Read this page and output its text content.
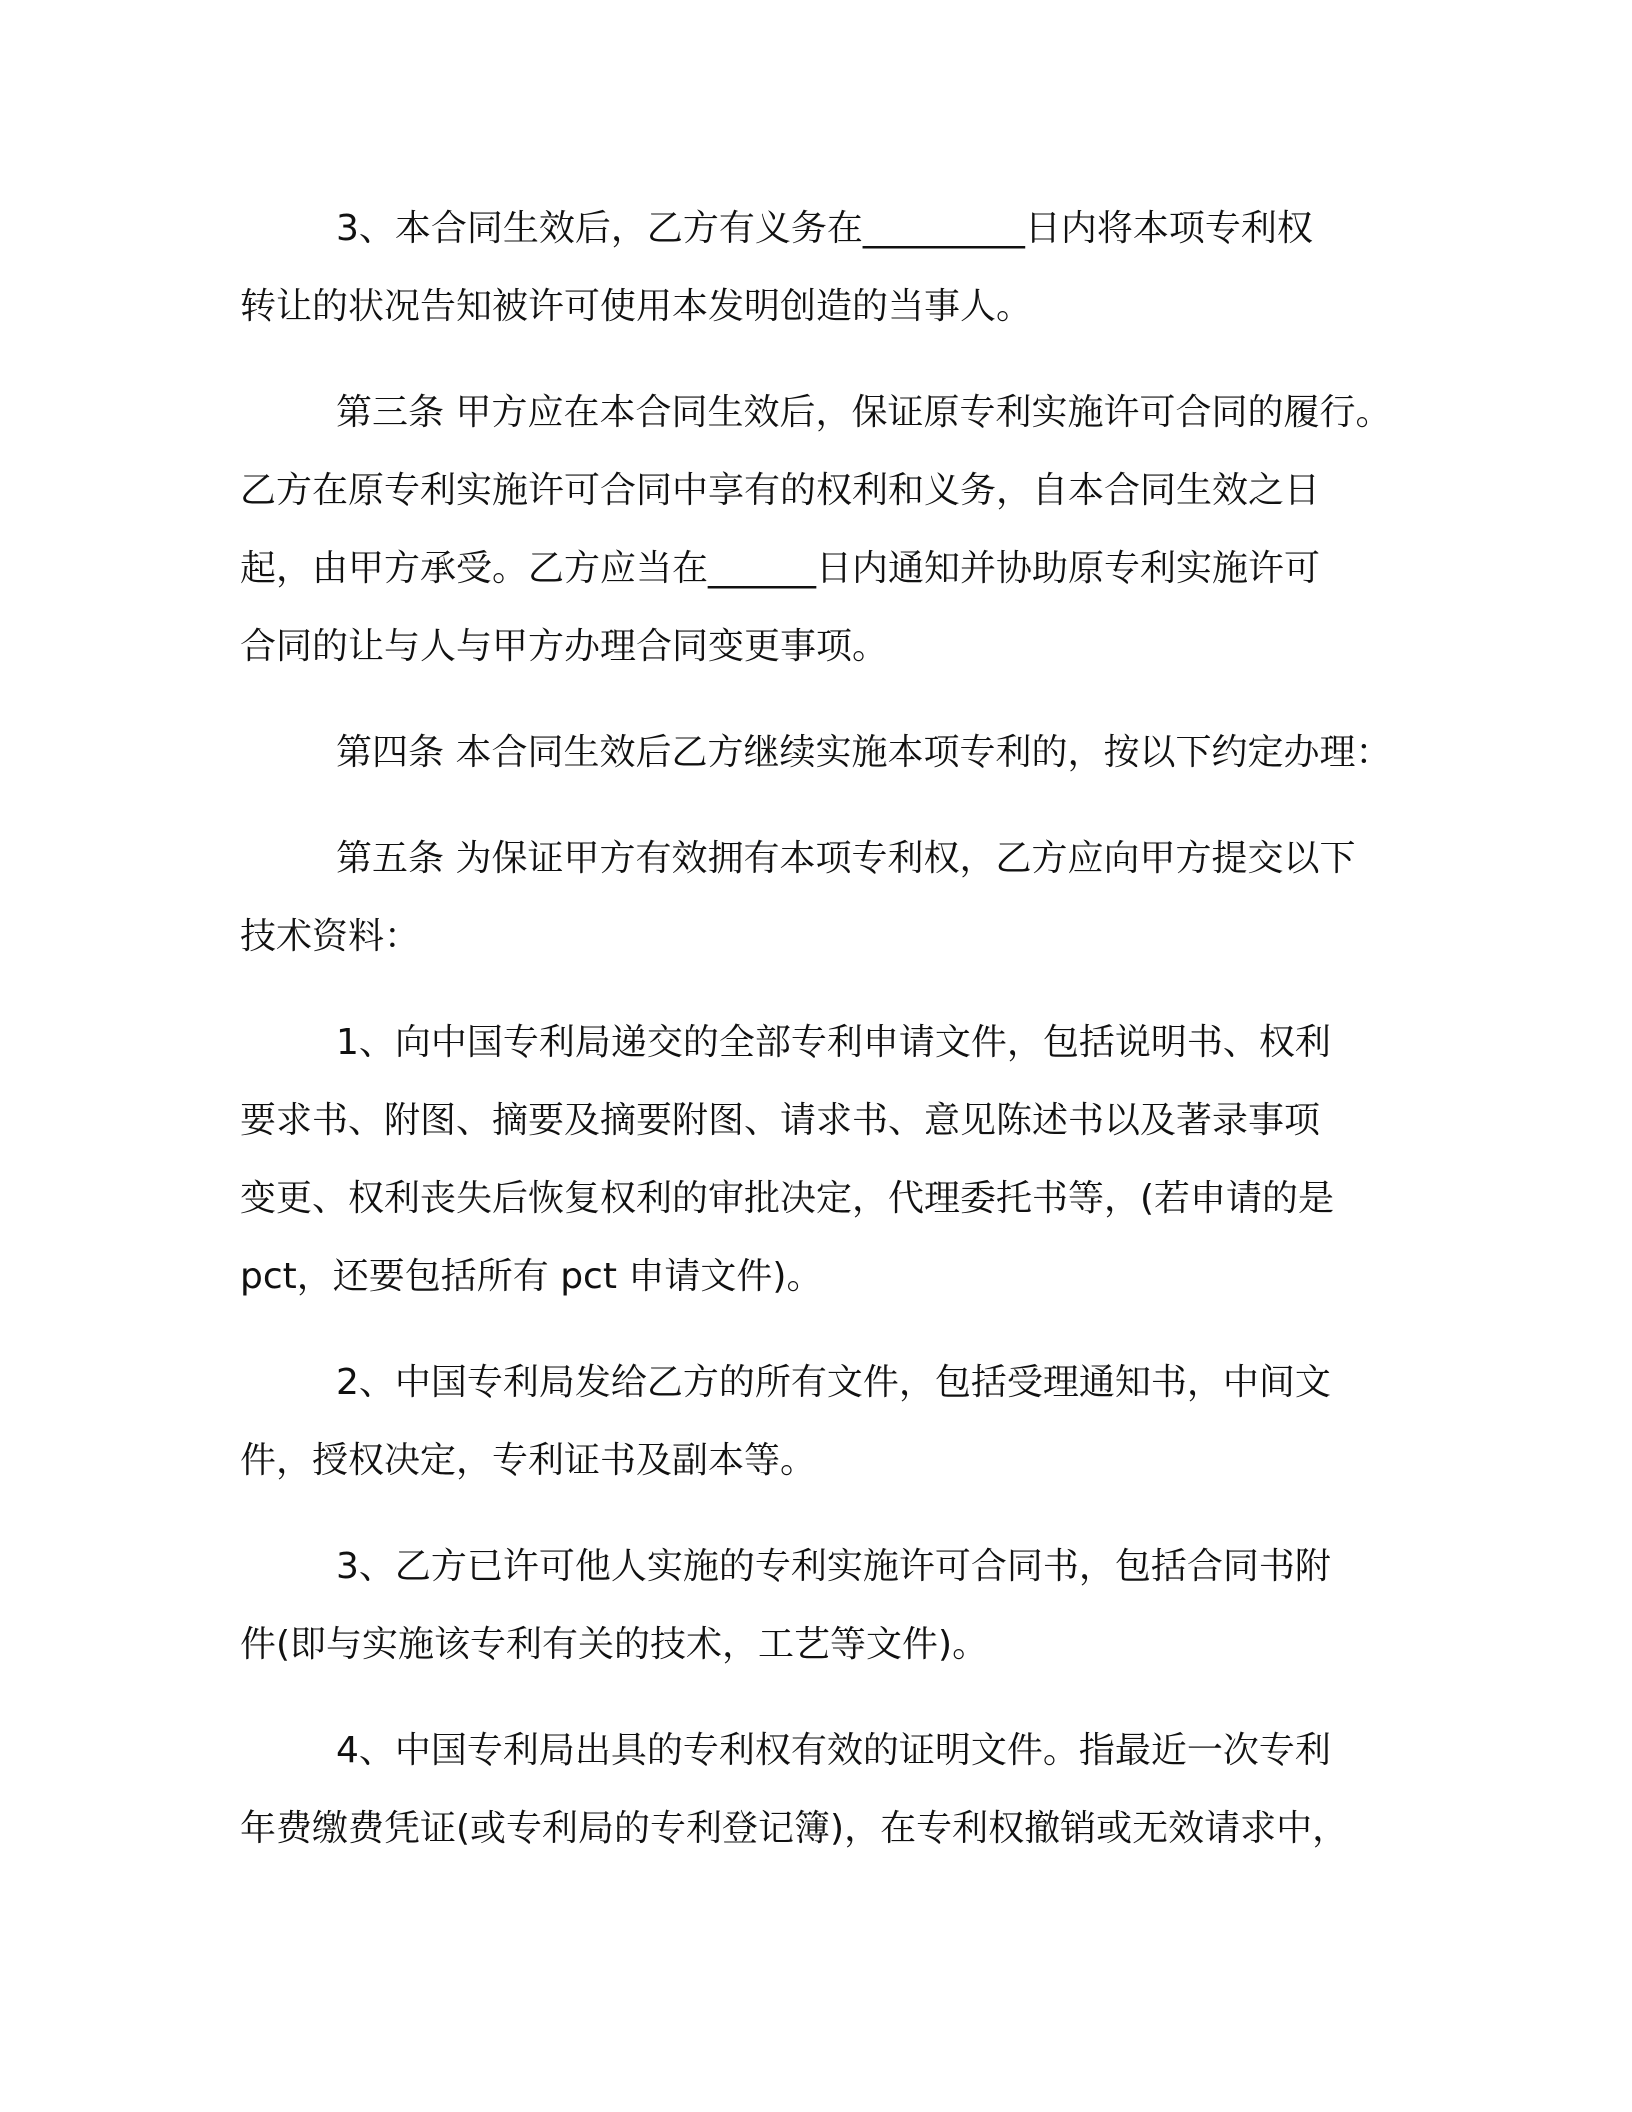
3、本合同生效后，乙方有义务在_________日内将本项专利权
转让的状况告知被许可使用本发明创造的当事人。

第三条 甲方应在本合同生效后，保证原专利实施许可合同的履行。
乙方在原专利实施许可合同中享有的权利和义务，自本合同生效之日
起，由甲方承受。乙方应当在______日内通知并协助原专利实施许可
合同的让与人与甲方办理合同变更事项。

第四条 本合同生效后乙方继续实施本项专利的，按以下约定办理：

第五条 为保证甲方有效拥有本项专利权，乙方应向甲方提交以下
技术资料：

1、向中国专利局递交的全部专利申请文件，包括说明书、权利
要求书、附图、摘要及摘要附图、请求书、意见陈述书以及著录事项
变更、权利丧失后恢复权利的审批决定，代理委托书等，(若申请的是
pct，还要包括所有 pct 申请文件)。

2、中国专利局发给乙方的所有文件，包括受理通知书，中间文
件，授权决定，专利证书及副本等。

3、乙方已许可他人实施的专利实施许可合同书，包括合同书附
件(即与实施该专利有关的技术，工艺等文件)。

4、中国专利局出具的专利权有效的证明文件。指最近一次专利
年费缴费凭证(或专利局的专利登记簿)，在专利权撤销或无效请求中，
